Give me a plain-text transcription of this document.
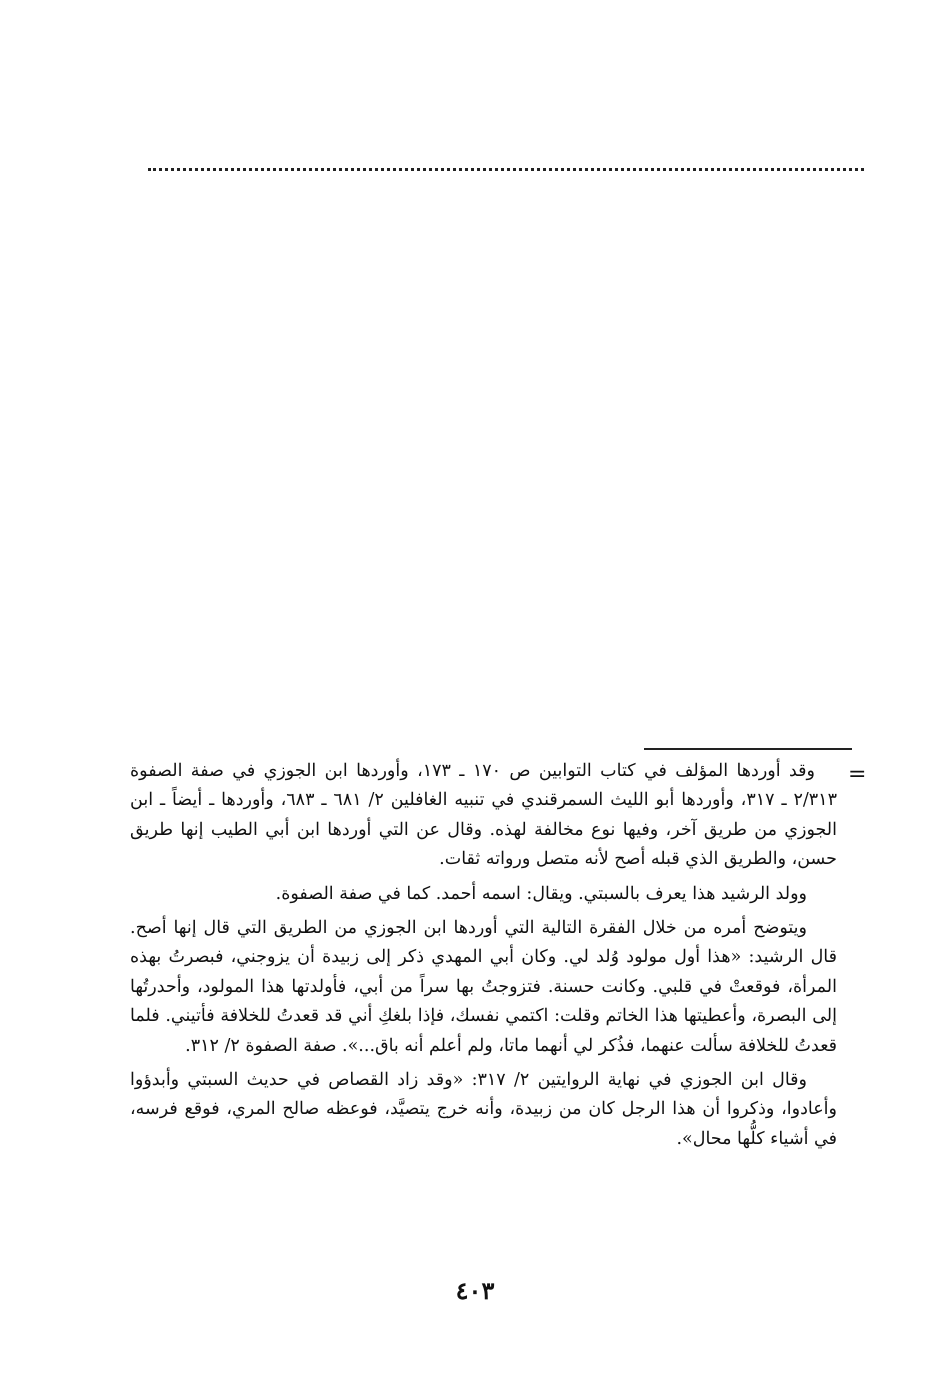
=

وقد أوردها المؤلف في كتاب التوابين ص ١٧٠ ـ ١٧٣، وأوردها ابن الجوزي في صفة الصفوة ٢/٣١٣ ـ ٣١٧، وأوردها أبو الليث السمرقندي في تنبيه الغافلين ٢/ ٦٨١ ـ ٦٨٣، وأوردها ـ أيضاً ـ ابن الجوزي من طريق آخر، وفيها نوع مخالفة لهذه. وقال عن التي أوردها ابن أبي الطيب إنها طريق حسن، والطريق الذي قبله أصح لأنه متصل ورواته ثقات.

وولد الرشيد هذا يعرف بالسبتي. ويقال: اسمه أحمد. كما في صفة الصفوة.

ويتوضح أمره من خلال الفقرة التالية التي أوردها ابن الجوزي من الطريق التي قال إنها أصح. قال الرشيد: «هذا أول مولود وُلد لي. وكان أبي المهدي ذكر إلى زبيدة أن يزوجني، فبصرتُ بهذه المرأة، فوقعتْ في قلبي. وكانت حسنة. فتزوجتُ بها سراً من أبي، فأولدتها هذا المولود، وأحدرتُها إلى البصرة، وأعطيتها هذا الخاتم وقلت: اكتمي نفسك، فإذا بلغكِ أني قد قعدتُ للخلافة فأتيني. فلما قعدتُ للخلافة سألت عنهما، فذُكر لي أنهما ماتا، ولم أعلم أنه باق...». صفة الصفوة ٢/ ٣١٢.

وقال ابن الجوزي في نهاية الروايتين ٢/ ٣١٧: «وقد زاد القصاص في حديث السبتي وأبدؤوا وأعادوا، وذكروا أن هذا الرجل كان من زبيدة، وأنه خرج يتصيَّد، فوعظه صالح المري، فوقع فرسه، في أشياء كلُّها محال».

٤٠٣
